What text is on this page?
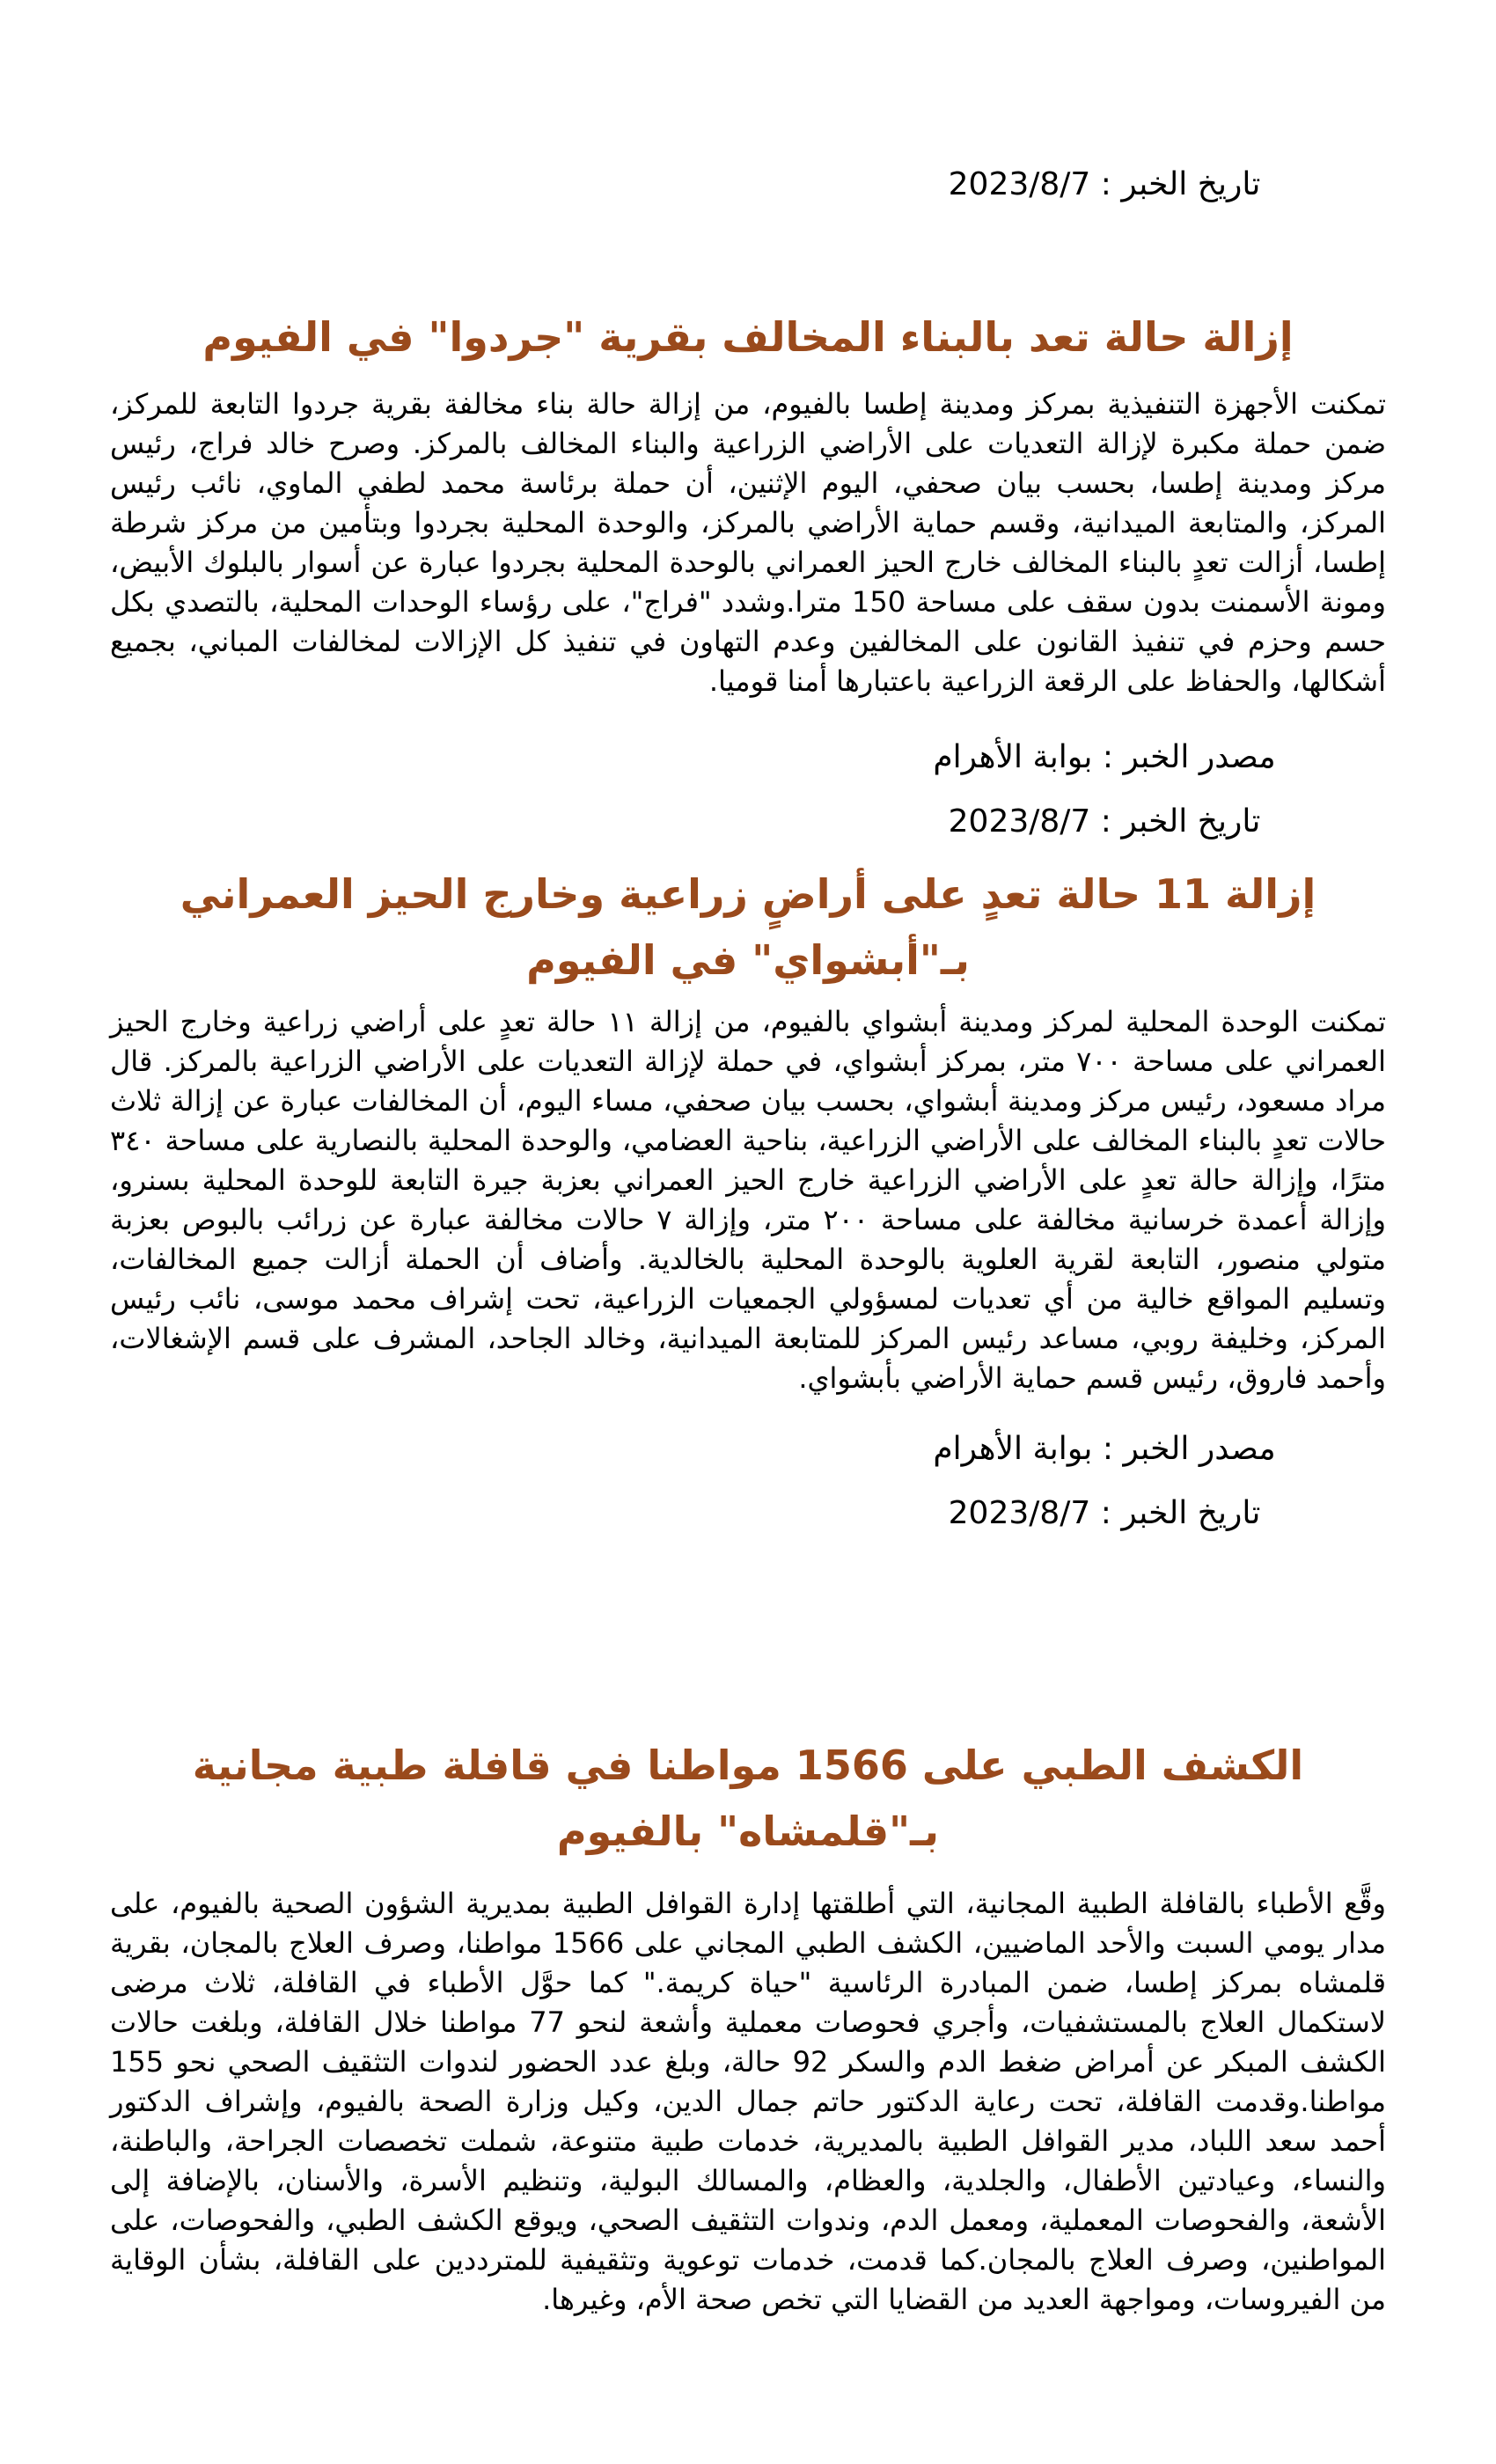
تاريخ الخبر : 2023/8/7
إزالة حالة تعد بالبناء المخالف بقرية "جردوا" في الفيوم

تمكنت الأجهزة التنفيذية بمركز ومدينة إطسا بالفيوم، من إزالة حالة بناء مخالفة بقرية جردوا التابعة للمركز، ضمن حملة مكبرة لإزالة التعديات على الأراضي الزراعية والبناء المخالف بالمركز. وصرح خالد فراج، رئيس مركز ومدينة إطسا، بحسب بيان صحفي، اليوم الإثنين، أن حملة برئاسة محمد لطفي الماوي، نائب رئيس المركز، والمتابعة الميدانية، وقسم حماية الأراضي بالمركز، والوحدة المحلية بجردوا وبتأمين من مركز شرطة إطسا، أزالت تعدٍ بالبناء المخالف خارج الحيز العمراني بالوحدة المحلية بجردوا عبارة عن أسوار بالبلوك الأبيض، ومونة الأسمنت بدون سقف على مساحة 150 مترا.وشدد "فراج"، على رؤساء الوحدات المحلية، بالتصدي بكل حسم وحزم في تنفيذ القانون على المخالفين وعدم التهاون في تنفيذ كل الإزالات لمخالفات المباني، بجميع أشكالها، والحفاظ على الرقعة الزراعية باعتبارها أمنا قوميا.

مصدر الخبر : بوابة الأهرام
تاريخ الخبر : 2023/8/7
إزالة 11 حالة تعدٍ على أراضٍ زراعية وخارج الحيز العمراني بـ"أبشواي" في الفيوم

تمكنت الوحدة المحلية لمركز ومدينة أبشواي بالفيوم، من إزالة ١١ حالة تعدٍ على أراضي زراعية وخارج الحيز العمراني على مساحة ٧٠٠ متر، بمركز أبشواي، في حملة لإزالة التعديات على الأراضي الزراعية بالمركز. قال مراد مسعود، رئيس مركز ومدينة أبشواي، بحسب بيان صحفي، مساء اليوم، أن المخالفات عبارة عن إزالة ثلاث حالات تعدٍ بالبناء المخالف على الأراضي الزراعية، بناحية العضامي، والوحدة المحلية بالنصارية على مساحة ٣٤٠ مترًا، وإزالة حالة تعدٍ على الأراضي الزراعية خارج الحيز العمراني بعزبة جيرة التابعة للوحدة المحلية بسنرو، وإزالة أعمدة خرسانية مخالفة على مساحة ٢٠٠ متر، وإزالة ٧ حالات مخالفة عبارة عن زرائب بالبوص بعزبة متولي منصور، التابعة لقرية العلوية بالوحدة المحلية بالخالدية. وأضاف أن الحملة أزالت جميع المخالفات، وتسليم المواقع خالية من أي تعديات لمسؤولي الجمعيات الزراعية، تحت إشراف محمد موسى، نائب رئيس المركز، وخليفة روبي، مساعد رئيس المركز للمتابعة الميدانية، وخالد الجاحد، المشرف على قسم الإشغالات، وأحمد فاروق، رئيس قسم حماية الأراضي بأبشواي.

مصدر الخبر : بوابة الأهرام
تاريخ الخبر : 2023/8/7
الكشف الطبي على 1566 مواطنا في قافلة طبية مجانية بـ"قلمشاه" بالفيوم

وقَّع الأطباء بالقافلة الطبية المجانية، التي أطلقتها إدارة القوافل الطبية بمديرية الشؤون الصحية بالفيوم، على مدار يومي السبت والأحد الماضيين، الكشف الطبي المجاني على 1566 مواطنا، وصرف العلاج بالمجان، بقرية قلمشاه بمركز إطسا، ضمن المبادرة الرئاسية "حياة كريمة." كما حوَّل الأطباء في القافلة، ثلاث مرضى لاستكمال العلاج بالمستشفيات، وأجري فحوصات معملية وأشعة لنحو 77 مواطنا خلال القافلة، وبلغت حالات الكشف المبكر عن أمراض ضغط الدم والسكر 92 حالة، وبلغ عدد الحضور لندوات التثقيف الصحي نحو 155 مواطنا.وقدمت القافلة، تحت رعاية الدكتور حاتم جمال الدين، وكيل وزارة الصحة بالفيوم، وإشراف الدكتور أحمد سعد اللباد، مدير القوافل الطبية بالمديرية، خدمات طبية متنوعة، شملت تخصصات الجراحة، والباطنة، والنساء، وعيادتين الأطفال، والجلدية، والعظام، والمسالك البولية، وتنظيم الأسرة، والأسنان، بالإضافة إلى الأشعة، والفحوصات المعملية، ومعمل الدم، وندوات التثقيف الصحي، ويوقع الكشف الطبي، والفحوصات، على المواطنين، وصرف العلاج بالمجان.كما قدمت، خدمات توعوية وتثقيفية للمترددين على القافلة، بشأن الوقاية من الفيروسات، ومواجهة العديد من القضايا التي تخص صحة الأم، وغيرها.
